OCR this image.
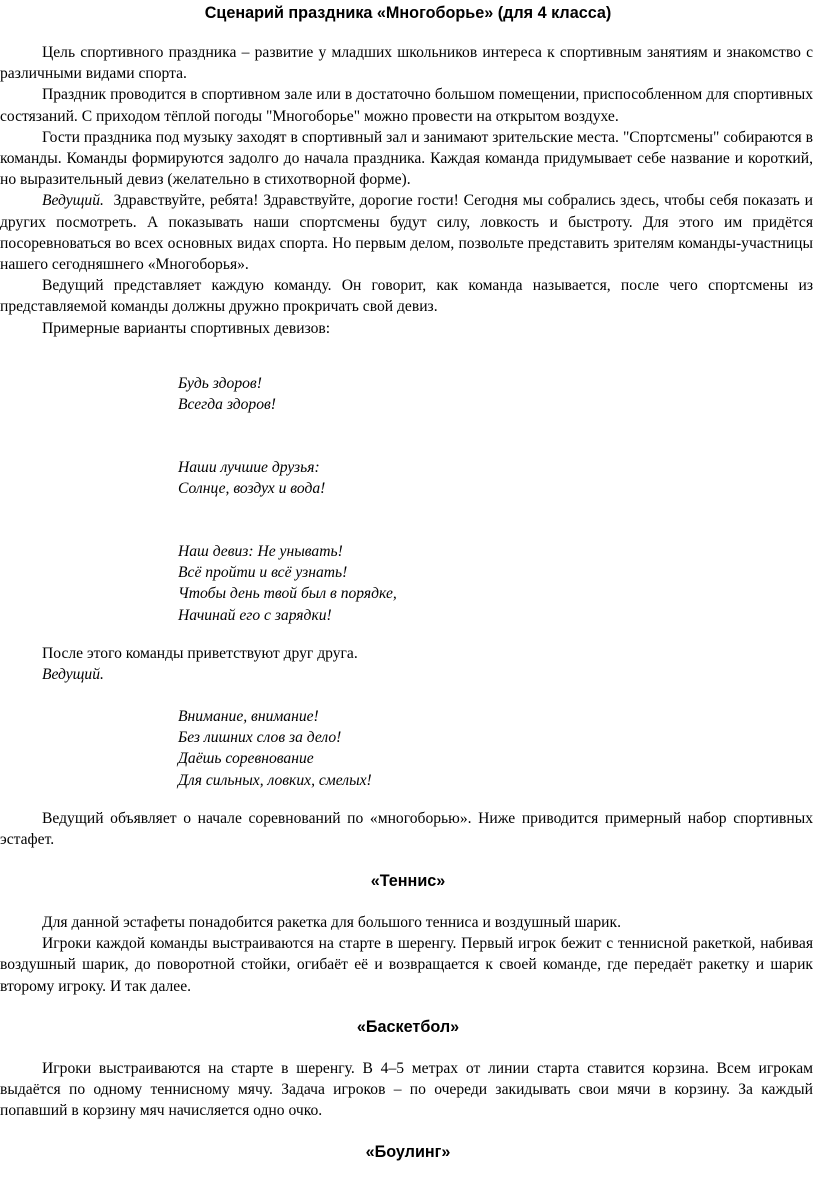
Сценарий праздника «Многоборье» (для 4 класса)

Цель спортивного праздника – развитие у младших школьников интереса к спортивным занятиям и знакомство с различными видами спорта.

Праздник проводится в спортивном зале или в достаточно большом помещении, приспособленном для спортивных состязаний. С приходом тёплой погоды "Многоборье" можно провести на открытом воздухе.

Гости праздника под музыку заходят в спортивный зал и занимают зрительские места. "Спортсмены" собираются в команды. Команды формируются задолго до начала праздника. Каждая команда придумывает себе название и короткий, но выразительный девиз (желательно в стихотворной форме).

Ведущий. Здравствуйте, ребята! Здравствуйте, дорогие гости! Сегодня мы собрались здесь, чтобы себя показать и других посмотреть. А показывать наши спортсмены будут силу, ловкость и быстроту. Для этого им придётся посоревноваться во всех основных видах спорта. Но первым делом, позвольте представить зрителям команды-участницы нашего сегодняшнего «Многоборья».

Ведущий представляет каждую команду. Он говорит, как команда называется, после чего спортсмены из представляемой команды должны дружно прокричать свой девиз.

Примерные варианты спортивных девизов:

Будь здоров!
Всегда здоров!
Наши лучшие друзья:
Солнце, воздух и вода!
Наш девиз: Не унывать!
Всё пройти и всё узнать!
Чтобы день твой был в порядке,
Начинай его с зарядки!

После этого команды приветствуют друг друга.

Ведущий.

Внимание, внимание!
Без лишних слов за дело!
Даёшь соревнование
Для сильных, ловких, смелых!

Ведущий объявляет о начале соревнований по «многоборью». Ниже приводится примерный набор спортивных эстафет.

«Теннис»

Для данной эстафеты понадобится ракетка для большого тенниса и воздушный шарик.

Игроки каждой команды выстраиваются на старте в шеренгу. Первый игрок бежит с теннисной ракеткой, набивая воздушный шарик, до поворотной стойки, огибаёт её и возвращается к своей команде, где передаёт ракетку и шарик второму игроку. И так далее.

«Баскетбол»

Игроки выстраиваются на старте в шеренгу. В 4–5 метрах от линии старта ставится корзина. Всем игрокам выдаётся по одному теннисному мячу. Задача игроков – по очереди закидывать свои мячи в корзину. За каждый попавший в корзину мяч начисляется одно очко.

«Боулинг»
